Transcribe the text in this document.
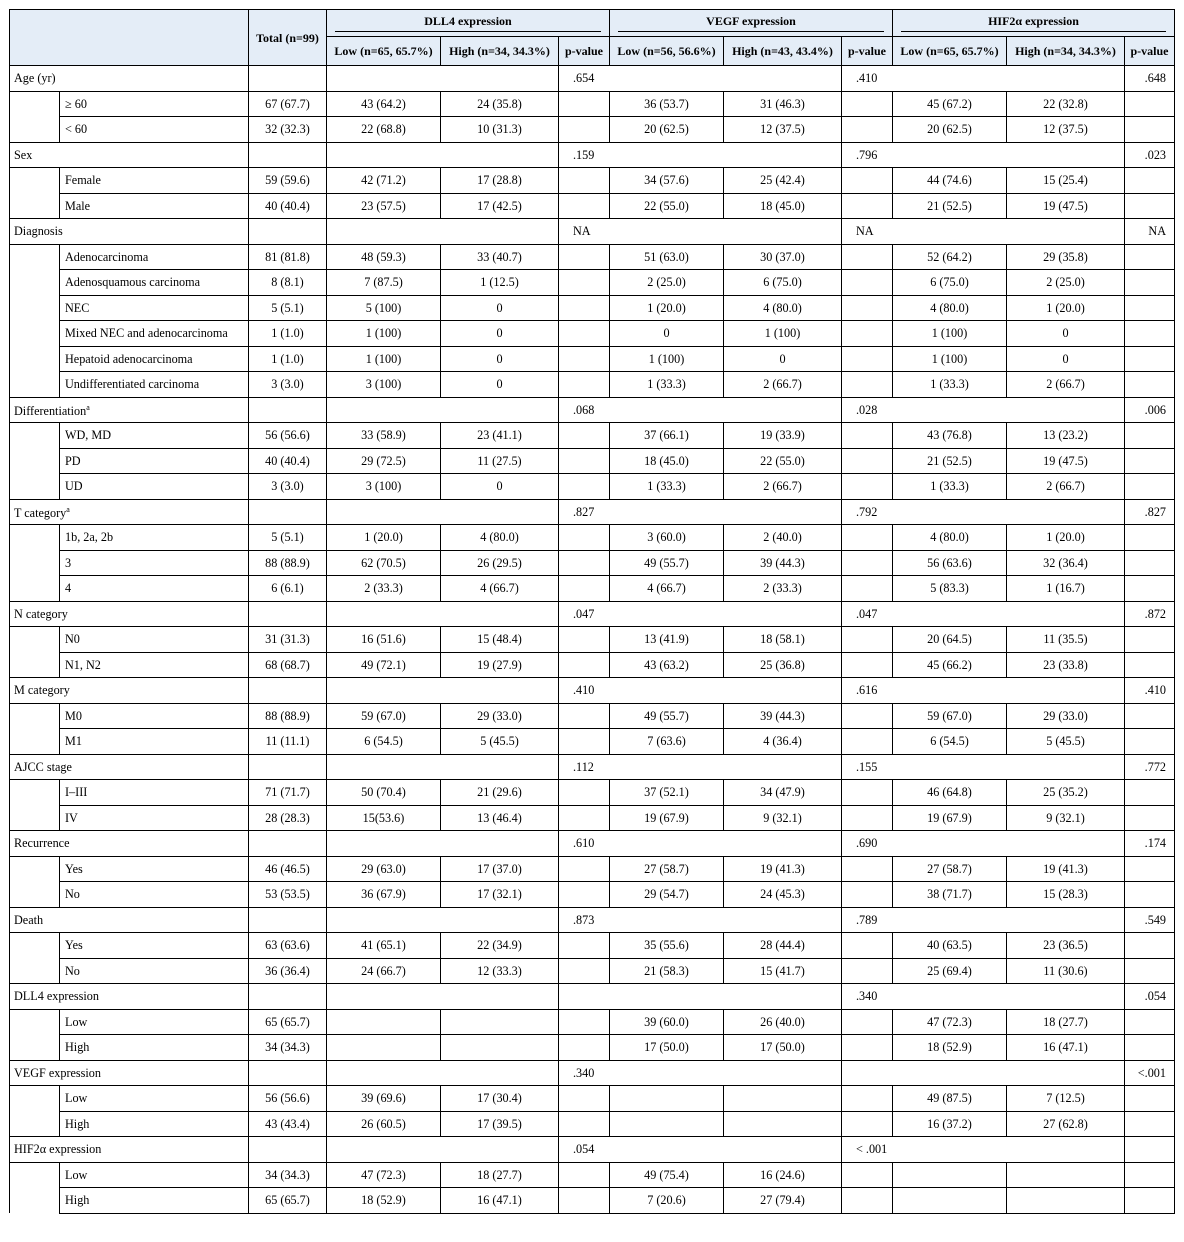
		Total (n=99)	DLL4 expression			VEGF expression			HIF2α expression		

			Low (n=65, 65.7%)	High (n=34, 34.3%)	p-value	Low (n=56, 56.6%)	High (n=43, 43.4%)	p-value	Low (n=65, 65.7%)	High (n=34, 34.3%)	p-value
Age (yr)					.654			.410			.648
	≥ 60	67 (67.7)	43 (64.2)	24 (35.8)		36 (53.7)	31 (46.3)		45 (67.2)	22 (32.8)	
	< 60	32 (32.3)	22 (68.8)	10 (31.3)		20 (62.5)	12 (37.5)		20 (62.5)	12 (37.5)	
Sex					.159			.796			.023
	Female	59 (59.6)	42 (71.2)	17 (28.8)		34 (57.6)	25 (42.4)		44 (74.6)	15 (25.4)	
	Male	40 (40.4)	23 (57.5)	17 (42.5)		22 (55.0)	18 (45.0)		21 (52.5)	19 (47.5)	
Diagnosis					NA			NA			NA
	Adenocarcinoma	81 (81.8)	48 (59.3)	33 (40.7)		51 (63.0)	30 (37.0)		52 (64.2)	29 (35.8)	
	Adenosquamous carcinoma	8 (8.1)	7 (87.5)	1 (12.5)		2 (25.0)	6 (75.0)		6 (75.0)	2 (25.0)	
	NEC	5 (5.1)	5 (100)	0		1 (20.0)	4 (80.0)		4 (80.0)	1 (20.0)	
	Mixed NEC and adenocarcinoma	1 (1.0)	1 (100)	0		0	1 (100)		1 (100)	0	
	Hepatoid adenocarcinoma	1 (1.0)	1 (100)	0		1 (100)	0		1 (100)	0	
	Undifferentiated carcinoma	3 (3.0)	3 (100)	0		1 (33.3)	2 (66.7)		1 (33.3)	2 (66.7)	
Differentiation$^a$					.068			.028			.006
	WD, MD	56 (56.6)	33 (58.9)	23 (41.1)		37 (66.1)	19 (33.9)		43 (76.8)	13 (23.2)	
	PD	40 (40.4)	29 (72.5)	11 (27.5)		18 (45.0)	22 (55.0)		21 (52.5)	19 (47.5)	
	UD	3 (3.0)	3 (100)	0		1 (33.3)	2 (66.7)		1 (33.3)	2 (66.7)	
T category$^a$					.827			.792			.827
	1b, 2a, 2b	5 (5.1)	1 (20.0)	4 (80.0)		3 (60.0)	2 (40.0)		4 (80.0)	1 (20.0)	
	3	88 (88.9)	62 (70.5)	26 (29.5)		49 (55.7)	39 (44.3)		56 (63.6)	32 (36.4)	
	4	6 (6.1)	2 (33.3)	4 (66.7)		4 (66.7)	2 (33.3)		5 (83.3)	1 (16.7)	
N category					.047			.047			.872
	N0	31 (31.3)	16 (51.6)	15 (48.4)		13 (41.9)	18 (58.1)		20 (64.5)	11 (35.5)	
	N1, N2	68 (68.7)	49 (72.1)	19 (27.9)		43 (63.2)	25 (36.8)		45 (66.2)	23 (33.8)	
M category					.410			.616			.410
	M0	88 (88.9)	59 (67.0)	29 (33.0)		49 (55.7)	39 (44.3)		59 (67.0)	29 (33.0)	
	M1	11 (11.1)	6 (54.5)	5 (45.5)		7 (63.6)	4 (36.4)		6 (54.5)	5 (45.5)	
AJCC stage					.112			.155			.772
	I–III	71 (71.7)	50 (70.4)	21 (29.6)		37 (52.1)	34 (47.9)		46 (64.8)	25 (35.2)	
	IV	28 (28.3)	15(53.6)	13 (46.4)		19 (67.9)	9 (32.1)		19 (67.9)	9 (32.1)	
Recurrence					.610			.690			.174
	Yes	46 (46.5)	29 (63.0)	17 (37.0)		27 (58.7)	19 (41.3)		27 (58.7)	19 (41.3)	
	No	53 (53.5)	36 (67.9)	17 (32.1)		29 (54.7)	24 (45.3)		38 (71.7)	15 (28.3)	
Death					.873			.789			.549
	Yes	63 (63.6)	41 (65.1)	22 (34.9)		35 (55.6)	28 (44.4)		40 (63.5)	23 (36.5)	
	No	36 (36.4)	24 (66.7)	12 (33.3)		21 (58.3)	15 (41.7)		25 (69.4)	11 (30.6)	
DLL4 expression								.340			.054
	Low	65 (65.7)				39 (60.0)	26 (40.0)		47 (72.3)	18 (27.7)	
	High	34 (34.3)				17 (50.0)	17 (50.0)		18 (52.9)	16 (47.1)	
VEGF expression					.340						<.001
	Low	56 (56.6)	39 (69.6)	17 (30.4)					49 (87.5)	7 (12.5)	
	High	43 (43.4)	26 (60.5)	17 (39.5)					16 (37.2)	27 (62.8)	
HIF2α expression					.054			< .001			
	Low	34 (34.3)	47 (72.3)	18 (27.7)		49 (75.4)	16 (24.6)				
	High	65 (65.7)	18 (52.9)	16 (47.1)		7 (20.6)	27 (79.4)				
